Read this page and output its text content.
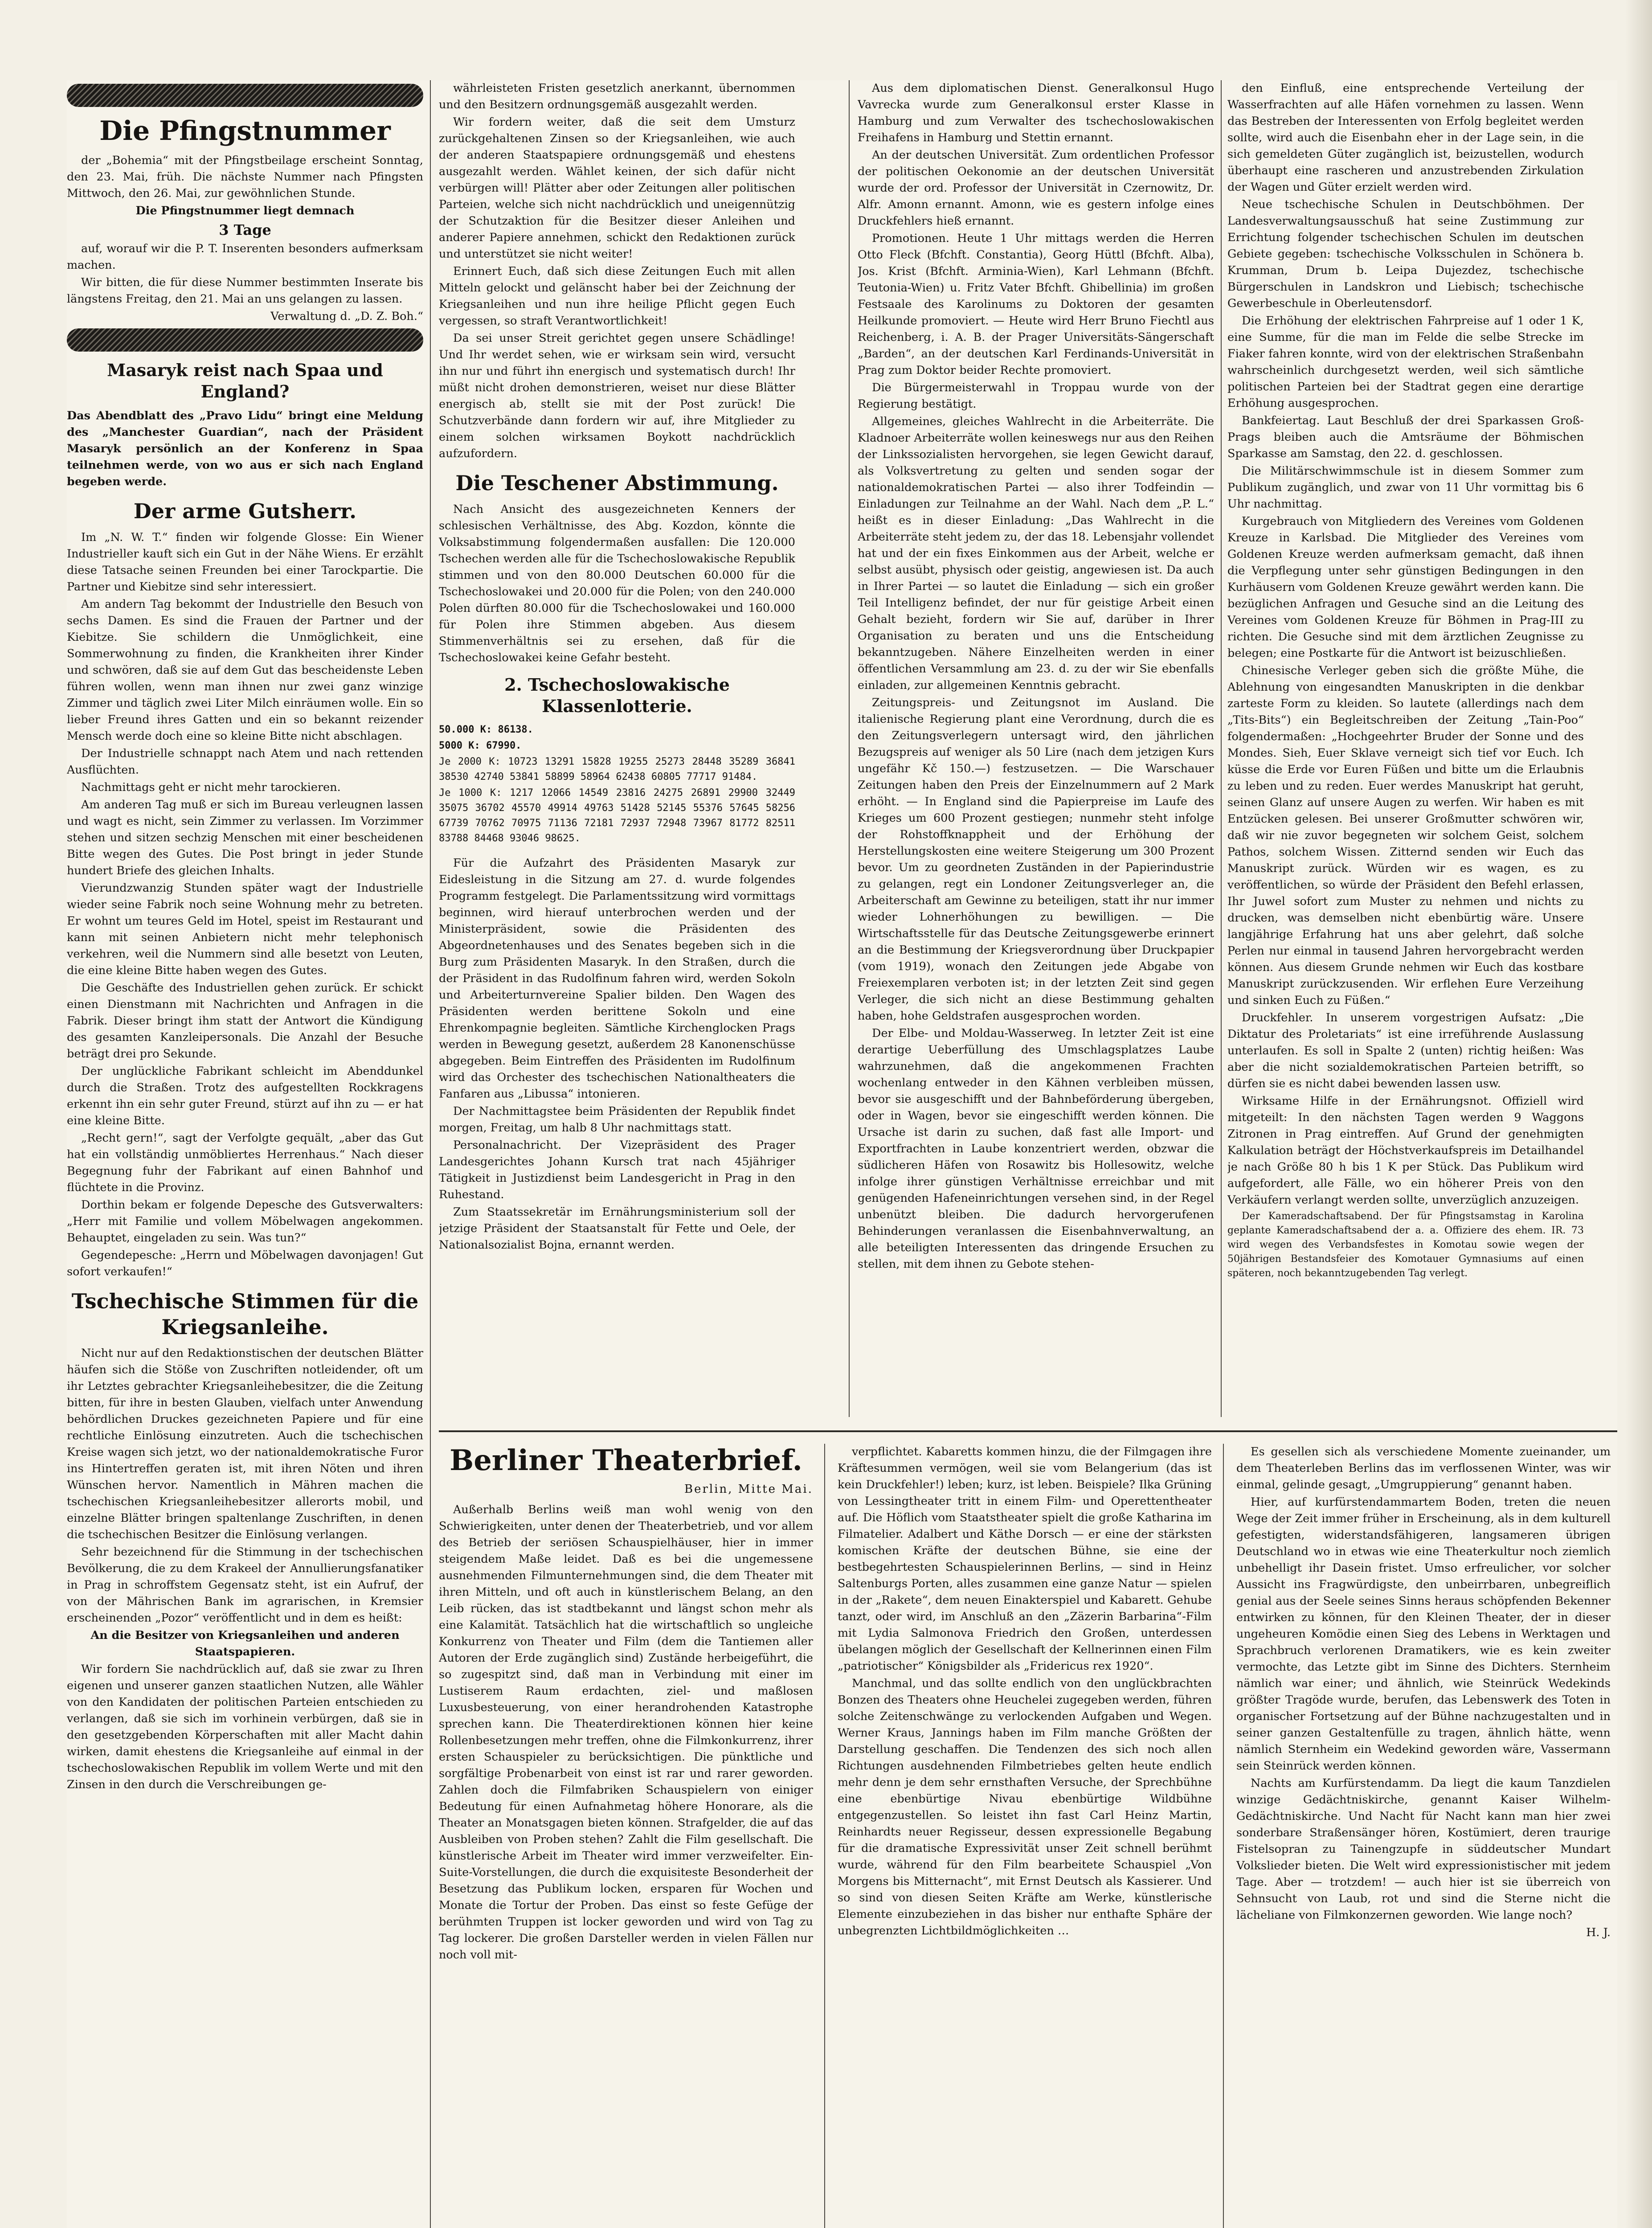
Die Pfingstnummer

der „Bohemia“ mit der Pfingstbeilage erscheint Sonntag, den 23. Mai, früh. Die nächste Nummer nach Pfingsten Mittwoch, den 26. Mai, zur gewöhnlichen Stunde.

Die Pfingstnummer liegt demnach

3 Tage

auf, worauf wir die P. T. Inserenten besonders aufmerksam machen.

Wir bitten, die für diese Nummer bestimmten Inserate bis längstens Freitag, den 21. Mai an uns gelangen zu lassen.

Verwaltung d. „D. Z. Boh.“

Masaryk reist nach Spaa und England?

Das Abendblatt des „Pravo Lidu“ bringt eine Meldung des „Manchester Guardian“, nach der Präsident Masaryk persönlich an der Konferenz in Spaa teilnehmen werde, von wo aus er sich nach England begeben werde.

Der arme Gutsherr.

Im „N. W. T.“ finden wir folgende Glosse: Ein Wiener Industrieller kauft sich ein Gut in der Nähe Wiens. Er erzählt diese Tatsache seinen Freunden bei einer Tarockpartie. Die Partner und Kiebitze sind sehr interessiert.

Am andern Tag bekommt der Industrielle den Besuch von sechs Damen. Es sind die Frauen der Partner und der Kiebitze. Sie schildern die Unmöglichkeit, eine Sommerwohnung zu finden, die Krankheiten ihrer Kinder und schwören, daß sie auf dem Gut das bescheidenste Leben führen wollen, wenn man ihnen nur zwei ganz winzige Zimmer und täglich zwei Liter Milch einräumen wolle. Ein so lieber Freund ihres Gatten und ein so bekannt reizender Mensch werde doch eine so kleine Bitte nicht abschlagen.

Der Industrielle schnappt nach Atem und nach rettenden Ausflüchten.

Nachmittags geht er nicht mehr tarockieren.

Am anderen Tag muß er sich im Bureau verleugnen lassen und wagt es nicht, sein Zimmer zu verlassen. Im Vorzimmer stehen und sitzen sechzig Menschen mit einer bescheidenen Bitte wegen des Gutes. Die Post bringt in jeder Stunde hundert Briefe des gleichen Inhalts.

Vierundzwanzig Stunden später wagt der Industrielle wieder seine Fabrik noch seine Wohnung mehr zu betreten. Er wohnt um teures Geld im Hotel, speist im Restaurant und kann mit seinen Anbietern nicht mehr telephonisch verkehren, weil die Nummern sind alle besetzt von Leuten, die eine kleine Bitte haben wegen des Gutes.

Die Geschäfte des Industriellen gehen zurück. Er schickt einen Dienstmann mit Nachrichten und Anfragen in die Fabrik. Dieser bringt ihm statt der Antwort die Kündigung des gesamten Kanzleipersonals. Die Anzahl der Besuche beträgt drei pro Sekunde.

Der unglückliche Fabrikant schleicht im Abenddunkel durch die Straßen. Trotz des aufgestellten Rockkragens erkennt ihn ein sehr guter Freund, stürzt auf ihn zu — er hat eine kleine Bitte.

„Recht gern!“, sagt der Verfolgte gequält, „aber das Gut hat ein vollständig unmöbliertes Herrenhaus.“ Nach dieser Begegnung fuhr der Fabrikant auf einen Bahnhof und flüchtete in die Provinz.

Dorthin bekam er folgende Depesche des Gutsverwalters: „Herr mit Familie und vollem Möbelwagen angekommen. Behauptet, eingeladen zu sein. Was tun?“

Gegendepesche: „Herrn und Möbelwagen davonjagen! Gut sofort verkaufen!“

Tschechische Stimmen für die Kriegsanleihe.

Nicht nur auf den Redaktionstischen der deutschen Blätter häufen sich die Stöße von Zuschriften notleidender, oft um ihr Letztes gebrachter Kriegsanleihebesitzer, die die Zeitung bitten, für ihre in besten Glauben, vielfach unter Anwendung behördlichen Druckes gezeichneten Papiere und für eine rechtliche Einlösung einzutreten. Auch die tschechischen Kreise wagen sich jetzt, wo der nationaldemokratische Furor ins Hintertreffen geraten ist, mit ihren Nöten und ihren Wünschen hervor. Namentlich in Mähren machen die tschechischen Kriegsanleihebesitzer allerorts mobil, und einzelne Blätter bringen spaltenlange Zuschriften, in denen die tschechischen Besitzer die Einlösung verlangen.

Sehr bezeichnend für die Stimmung in der tschechischen Bevölkerung, die zu dem Krakeel der Annullierungsfanatiker in Prag in schroffstem Gegensatz steht, ist ein Aufruf, der von der Mährischen Bank im agrarischen, in Kremsier erscheinenden „Pozor“ veröffentlicht und in dem es heißt:

An die Besitzer von Kriegsanleihen und anderen Staatspapieren.

Wir fordern Sie nachdrücklich auf, daß sie zwar zu Ihren eigenen und unserer ganzen staatlichen Nutzen, alle Wähler von den Kandidaten der politischen Parteien entschieden zu verlangen, daß sie sich im vorhinein verbürgen, daß sie in den gesetzgebenden Körperschaften mit aller Macht dahin wirken, damit ehestens die Kriegsanleihe auf einmal in der tschechoslowakischen Republik im vollem Werte und mit den Zinsen in den durch die Verschreibungen ge-

währleisteten Fristen gesetzlich anerkannt, übernommen und den Besitzern ordnungsgemäß ausgezahlt werden.

Wir fordern weiter, daß die seit dem Umsturz zurückgehaltenen Zinsen so der Kriegsanleihen, wie auch der anderen Staatspapiere ordnungsgemäß und ehestens ausgezahlt werden. Wählet keinen, der sich dafür nicht verbürgen will! Plätter aber oder Zeitungen aller politischen Parteien, welche sich nicht nachdrücklich und uneigennützig der Schutzaktion für die Besitzer dieser Anleihen und anderer Papiere annehmen, schickt den Redaktionen zurück und unterstützet sie nicht weiter!

Erinnert Euch, daß sich diese Zeitungen Euch mit allen Mitteln gelockt und gelänscht haber bei der Zeichnung der Kriegsanleihen und nun ihre heilige Pflicht gegen Euch vergessen, so straft Verantwortlichkeit!

Da sei unser Streit gerichtet gegen unsere Schädlinge! Und Ihr werdet sehen, wie er wirksam sein wird, versucht ihn nur und führt ihn energisch und systematisch durch! Ihr müßt nicht drohen demonstrieren, weiset nur diese Blätter energisch ab, stellt sie mit der Post zurück! Die Schutzverbände dann fordern wir auf, ihre Mitglieder zu einem solchen wirksamen Boykott nachdrücklich aufzufordern.

Die Teschener Abstimmung.

Nach Ansicht des ausgezeichneten Kenners der schlesischen Verhältnisse, des Abg. Kozdon, könnte die Volksabstimmung folgendermaßen ausfallen: Die 120.000 Tschechen werden alle für die Tschechoslowakische Republik stimmen und von den 80.000 Deutschen 60.000 für die Tschechoslowakei und 20.000 für die Polen; von den 240.000 Polen dürften 80.000 für die Tschechoslowakei und 160.000 für Polen ihre Stimmen abgeben. Aus diesem Stimmenverhältnis sei zu ersehen, daß für die Tschechoslowakei keine Gefahr besteht.

2. Tschechoslowakische Klassenlotterie.

50.000 K: 86138.

5000 K: 67990.

Je 2000 K: 10723 13291 15828 19255 25273 28448 35289 36841 38530 42740 53841 58899 58964 62438 60805 77717 91484.

Je 1000 K: 1217 12066 14549 23816 24275 26891 29900 32449 35075 36702 45570 49914 49763 51428 52145 55376 57645 58256 67739 70762 70975 71136 72181 72937 72948 73967 81772 82511 83788 84468 93046 98625.

Für die Aufzahrt des Präsidenten Masaryk zur Eidesleistung in die Sitzung am 27. d. wurde folgendes Programm festgelegt. Die Parlamentssitzung wird vormittags beginnen, wird hierauf unterbrochen werden und der Ministerpräsident, sowie die Präsidenten des Abgeordnetenhauses und des Senates begeben sich in die Burg zum Präsidenten Masaryk. In den Straßen, durch die der Präsident in das Rudolfinum fahren wird, werden Sokoln und Arbeiterturnvereine Spalier bilden. Den Wagen des Präsidenten werden berittene Sokoln und eine Ehrenkompagnie begleiten. Sämtliche Kirchenglocken Prags werden in Bewegung gesetzt, außerdem 28 Kanonenschüsse abgegeben. Beim Eintreffen des Präsidenten im Rudolfinum wird das Orchester des tschechischen Nationaltheaters die Fanfaren aus „Libussa“ intonieren.

Der Nachmittagstee beim Präsidenten der Republik findet morgen, Freitag, um halb 8 Uhr nachmittags statt.

Personalnachricht. Der Vizepräsident des Prager Landesgerichtes Johann Kursch trat nach 45jähriger Tätigkeit in Justizdienst beim Landesgericht in Prag in den Ruhestand.

Zum Staatssekretär im Ernährungsministerium soll der jetzige Präsident der Staatsanstalt für Fette und Oele, der Nationalsozialist Bojna, ernannt werden.

Aus dem diplomatischen Dienst. Generalkonsul Hugo Vavrecka wurde zum Generalkonsul erster Klasse in Hamburg und zum Verwalter des tschechoslowakischen Freihafens in Hamburg und Stettin ernannt.

An der deutschen Universität. Zum ordentlichen Professor der politischen Oekonomie an der deutschen Universität wurde der ord. Professor der Universität in Czernowitz, Dr. Alfr. Amonn ernannt. Amonn, wie es gestern infolge eines Druckfehlers hieß ernannt.

Promotionen. Heute 1 Uhr mittags werden die Herren Otto Fleck (Bfchft. Constantia), Georg Hüttl (Bfchft. Alba), Jos. Krist (Bfchft. Arminia-Wien), Karl Lehmann (Bfchft. Teutonia-Wien) u. Fritz Vater Bfchft. Ghibellinia) im großen Festsaale des Karolinums zu Doktoren der gesamten Heilkunde promoviert. — Heute wird Herr Bruno Fiechtl aus Reichenberg, i. A. B. der Prager Universitäts-Sängerschaft „Barden“, an der deutschen Karl Ferdinands-Universität in Prag zum Doktor beider Rechte promoviert.

Die Bürgermeisterwahl in Troppau wurde von der Regierung bestätigt.

Allgemeines, gleiches Wahlrecht in die Arbeiterräte. Die Kladnoer Arbeiterräte wollen keineswegs nur aus den Reihen der Linkssozialisten hervorgehen, sie legen Gewicht darauf, als Volksvertretung zu gelten und senden sogar der nationaldemokratischen Partei — also ihrer Todfeindin — Einladungen zur Teilnahme an der Wahl. Nach dem „P. L.“ heißt es in dieser Einladung: „Das Wahlrecht in die Arbeiterräte steht jedem zu, der das 18. Lebensjahr vollendet hat und der ein fixes Einkommen aus der Arbeit, welche er selbst ausübt, physisch oder geistig, angewiesen ist. Da auch in Ihrer Partei — so lautet die Einladung — sich ein großer Teil Intelligenz befindet, der nur für geistige Arbeit einen Gehalt bezieht, fordern wir Sie auf, darüber in Ihrer Organisation zu beraten und uns die Entscheidung bekanntzugeben. Nähere Einzelheiten werden in einer öffentlichen Versammlung am 23. d. zu der wir Sie ebenfalls einladen, zur allgemeinen Kenntnis gebracht.

Zeitungspreis- und Zeitungsnot im Ausland. Die italienische Regierung plant eine Verordnung, durch die es den Zeitungsverlegern untersagt wird, den jährlichen Bezugspreis auf weniger als 50 Lire (nach dem jetzigen Kurs ungefähr Kč 150.—) festzusetzen. — Die Warschauer Zeitungen haben den Preis der Einzelnummern auf 2 Mark erhöht. — In England sind die Papierpreise im Laufe des Krieges um 600 Prozent gestiegen; nunmehr steht infolge der Rohstoffknappheit und der Erhöhung der Herstellungskosten eine weitere Steigerung um 300 Prozent bevor. Um zu geordneten Zuständen in der Papierindustrie zu gelangen, regt ein Londoner Zeitungsverleger an, die Arbeiterschaft am Gewinne zu beteiligen, statt ihr nur immer wieder Lohnerhöhungen zu bewilligen. — Die Wirtschaftsstelle für das Deutsche Zeitungsgewerbe erinnert an die Bestimmung der Kriegsverordnung über Druckpapier (vom 1919), wonach den Zeitungen jede Abgabe von Freiexemplaren verboten ist; in der letzten Zeit sind gegen Verleger, die sich nicht an diese Bestimmung gehalten haben, hohe Geldstrafen ausgesprochen worden.

Der Elbe- und Moldau-Wasserweg. In letzter Zeit ist eine derartige Ueberfüllung des Umschlagsplatzes Laube wahrzunehmen, daß die angekommenen Frachten wochenlang entweder in den Kähnen verbleiben müssen, bevor sie ausgeschifft und der Bahnbeförderung übergeben, oder in Wagen, bevor sie eingeschifft werden können. Die Ursache ist darin zu suchen, daß fast alle Import- und Exportfrachten in Laube konzentriert werden, obzwar die südlicheren Häfen von Rosawitz bis Hollesowitz, welche infolge ihrer günstigen Verhältnisse erreichbar und mit genügenden Hafeneinrichtungen versehen sind, in der Regel unbenützt bleiben. Die dadurch hervorgerufenen Behinderungen veranlassen die Eisenbahnverwaltung, an alle beteiligten Interessenten das dringende Ersuchen zu stellen, mit dem ihnen zu Gebote stehen-

den Einfluß, eine entsprechende Verteilung der Wasserfrachten auf alle Häfen vornehmen zu lassen. Wenn das Bestreben der Interessenten von Erfolg begleitet werden sollte, wird auch die Eisenbahn eher in der Lage sein, in die sich gemeldeten Güter zugänglich ist, beizustellen, wodurch überhaupt eine rascheren und anzustrebenden Zirkulation der Wagen und Güter erzielt werden wird.

Neue tschechische Schulen in Deutschböhmen. Der Landesverwaltungsausschuß hat seine Zustimmung zur Errichtung folgender tschechischen Schulen im deutschen Gebiete gegeben: tschechische Volksschulen in Schönera b. Krumman, Drum b. Leipa Dujezdez, tschechische Bürgerschulen in Landskron und Liebisch; tschechische Gewerbeschule in Oberleutensdorf.

Die Erhöhung der elektrischen Fahrpreise auf 1 oder 1 K, eine Summe, für die man im Felde die selbe Strecke im Fiaker fahren konnte, wird von der elektrischen Straßenbahn wahrscheinlich durchgesetzt werden, weil sich sämtliche politischen Parteien bei der Stadtrat gegen eine derartige Erhöhung ausgesprochen.

Bankfeiertag. Laut Beschluß der drei Sparkassen Groß-Prags bleiben auch die Amtsräume der Böhmischen Sparkasse am Samstag, den 22. d. geschlossen.

Die Militärschwimmschule ist in diesem Sommer zum Publikum zugänglich, und zwar von 11 Uhr vormittag bis 6 Uhr nachmittag.

Kurgebrauch von Mitgliedern des Vereines vom Goldenen Kreuze in Karlsbad. Die Mitglieder des Vereines vom Goldenen Kreuze werden aufmerksam gemacht, daß ihnen die Verpflegung unter sehr günstigen Bedingungen in den Kurhäusern vom Goldenen Kreuze gewährt werden kann. Die bezüglichen Anfragen und Gesuche sind an die Leitung des Vereines vom Goldenen Kreuze für Böhmen in Prag-III zu richten. Die Gesuche sind mit dem ärztlichen Zeugnisse zu belegen; eine Postkarte für die Antwort ist beizuschließen.

Chinesische Verleger geben sich die größte Mühe, die Ablehnung von eingesandten Manuskripten in die denkbar zarteste Form zu kleiden. So lautete (allerdings nach dem „Tits-Bits“) ein Begleitschreiben der Zeitung „Tain-Poo“ folgendermaßen: „Hochgeehrter Bruder der Sonne und des Mondes. Sieh, Euer Sklave verneigt sich tief vor Euch. Ich küsse die Erde vor Euren Füßen und bitte um die Erlaubnis zu leben und zu reden. Euer werdes Manuskript hat geruht, seinen Glanz auf unsere Augen zu werfen. Wir haben es mit Entzücken gelesen. Bei unserer Großmutter schwören wir, daß wir nie zuvor begegneten wir solchem Geist, solchem Pathos, solchem Wissen. Zitternd senden wir Euch das Manuskript zurück. Würden wir es wagen, es zu veröffentlichen, so würde der Präsident den Befehl erlassen, Ihr Juwel sofort zum Muster zu nehmen und nichts zu drucken, was demselben nicht ebenbürtig wäre. Unsere langjährige Erfahrung hat uns aber gelehrt, daß solche Perlen nur einmal in tausend Jahren hervorgebracht werden können. Aus diesem Grunde nehmen wir Euch das kostbare Manuskript zurückzusenden. Wir erflehen Eure Verzeihung und sinken Euch zu Füßen.“

Druckfehler. In unserem vorgestrigen Aufsatz: „Die Diktatur des Proletariats“ ist eine irreführende Auslassung unterlaufen. Es soll in Spalte 2 (unten) richtig heißen: Was aber die nicht sozialdemokratischen Parteien betrifft, so dürfen sie es nicht dabei bewenden lassen usw.

Wirksame Hilfe in der Ernährungsnot. Offiziell wird mitgeteilt: In den nächsten Tagen werden 9 Waggons Zitronen in Prag eintreffen. Auf Grund der genehmigten Kalkulation beträgt der Höchstverkaufspreis im Detailhandel je nach Größe 80 h bis 1 K per Stück. Das Publikum wird aufgefordert, alle Fälle, wo ein höherer Preis von den Verkäufern verlangt werden sollte, unverzüglich anzuzeigen.

Der Kameradschaftsabend. Der für Pfingstsamstag in Karolina geplante Kameradschaftsabend der a. a. Offiziere des ehem. IR. 73 wird wegen des Verbandsfestes in Komotau sowie wegen der 50jährigen Bestandsfeier des Komotauer Gymnasiums auf einen späteren, noch bekanntzugebenden Tag verlegt.

Berliner Theaterbrief.
Berlin, Mitte Mai.

Außerhalb Berlins weiß man wohl wenig von den Schwierigkeiten, unter denen der Theaterbetrieb, und vor allem des Betrieb der seriösen Schauspielhäuser, hier in immer steigendem Maße leidet. Daß es bei die ungemessene ausnehmenden Filmunternehmungen sind, die dem Theater mit ihren Mitteln, und oft auch in künstlerischem Belang, an den Leib rücken, das ist stadtbekannt und längst schon mehr als eine Kalamität. Tatsächlich hat die wirtschaftlich so ungleiche Konkurrenz von Theater und Film (dem die Tantiemen aller Autoren der Erde zugänglich sind) Zustände herbeigeführt, die so zugespitzt sind, daß man in Verbindung mit einer im Lustiserem Raum erdachten, ziel- und maßlosen Luxusbesteuerung, von einer herandrohenden Katastrophe sprechen kann. Die Theaterdirektionen können hier keine Rollenbesetzungen mehr treffen, ohne die Filmkonkurrenz, ihrer ersten Schauspieler zu berücksichtigen. Die pünktliche und sorgfältige Probenarbeit von einst ist rar und rarer geworden. Zahlen doch die Filmfabriken Schauspielern von einiger Bedeutung für einen Aufnahmetag höhere Honorare, als die Theater an Monatsgagen bieten können. Strafgelder, die auf das Ausbleiben von Proben stehen? Zahlt die Film gesellschaft. Die künstlerische Arbeit im Theater wird immer verzweifelter. Ein-Suite-Vorstellungen, die durch die exquisiteste Besonderheit der Besetzung das Publikum locken, ersparen für Wochen und Monate die Tortur der Proben. Das einst so feste Gefüge der berühmten Truppen ist locker geworden und wird von Tag zu Tag lockerer. Die großen Darsteller werden in vielen Fällen nur noch voll mit-

verpflichtet. Kabaretts kommen hinzu, die der Filmgagen ihre Kräftesummen vermögen, weil sie vom Belangerium (das ist kein Druckfehler!) leben; kurz, ist leben. Beispiele? Ilka Grüning von Lessingtheater tritt in einem Film- und Operettentheater auf. Die Höflich vom Staatstheater spielt die große Katharina im Filmatelier. Adalbert und Käthe Dorsch — er eine der stärksten komischen Kräfte der deutschen Bühne, sie eine der bestbegehrtesten Schauspielerinnen Berlins, — sind in Heinz Saltenburgs Porten, alles zusammen eine ganze Natur — spielen in der „Rakete“, dem neuen Einakterspiel und Kabarett. Gehube tanzt, oder wird, im Anschluß an den „Zäzerin Barbarina“-Film mit Lydia Salmonova Friedrich den Großen, unterdessen übelangen möglich der Gesellschaft der Kellnerinnen einen Film „patriotischer“ Königsbilder als „Fridericus rex 1920“.

Manchmal, und das sollte endlich von den unglückbrachten Bonzen des Theaters ohne Heuchelei zugegeben werden, führen solche Zeitenschwänge zu verlockenden Aufgaben und Wegen. Werner Kraus, Jannings haben im Film manche Größten der Darstellung geschaffen. Die Tendenzen des sich noch allen Richtungen ausdehnenden Filmbetriebes gelten heute endlich mehr denn je dem sehr ernsthaften Versuche, der Sprechbühne eine ebenbürtige Nivau ebenbürtige Wildbühne entgegenzustellen. So leistet ihn fast Carl Heinz Martin, Reinhardts neuer Regisseur, dessen expressionelle Begabung für die dramatische Expressivität unser Zeit schnell berühmt wurde, während für den Film bearbeitete Schauspiel „Von Morgens bis Mitternacht“, mit Ernst Deutsch als Kassierer. Und so sind von diesen Seiten Kräfte am Werke, künstlerische Elemente einzubeziehen in das bisher nur enthafte Sphäre der unbegrenzten Lichtbildmöglichkeiten …

Es gesellen sich als verschiedene Momente zueinander, um dem Theaterleben Berlins das im verflossenen Winter, was wir einmal, gelinde gesagt, „Umgruppierung“ genannt haben.

Hier, auf kurfürstendammartem Boden, treten die neuen Wege der Zeit immer früher in Erscheinung, als in dem kulturell gefestigten, widerstandsfähigeren, langsameren übrigen Deutschland wo in etwas wie eine Theaterkultur noch ziemlich unbehelligt ihr Dasein fristet. Umso erfreulicher, vor solcher Aussicht ins Fragwürdigste, den unbeirrbaren, unbegreiflich genial aus der Seele seines Sinns heraus schöpfenden Bekenner entwirken zu können, für den Kleinen Theater, der in dieser ungeheuren Komödie einen Sieg des Lebens in Werktagen und Sprachbruch verlorenen Dramatikers, wie es kein zweiter vermochte, das Letzte gibt im Sinne des Dichters. Sternheim nämlich war einer; und ähnlich, wie Steinrück Wedekinds größter Tragöde wurde, berufen, das Lebenswerk des Toten in organischer Fortsetzung auf der Bühne nachzugestalten und in seiner ganzen Gestaltenfülle zu tragen, ähnlich hätte, wenn nämlich Sternheim ein Wedekind geworden wäre, Vassermann sein Steinrück werden können.

Nachts am Kurfürstendamm. Da liegt die kaum Tanzdielen winzige Gedächtniskirche, genannt Kaiser Wilhelm-Gedächtniskirche. Und Nacht für Nacht kann man hier zwei sonderbare Straßensänger hören, Kostümiert, deren traurige Fistelsopran zu Tainengzupfe in süddeutscher Mundart Volkslieder bieten. Die Welt wird expressionistischer mit jedem Tage. Aber — trotzdem! — auch hier ist sie überreich von Sehnsucht von Laub, rot und sind die Sterne nicht die lächeliane von Filmkonzernen geworden. Wie lange noch?

H. J.
